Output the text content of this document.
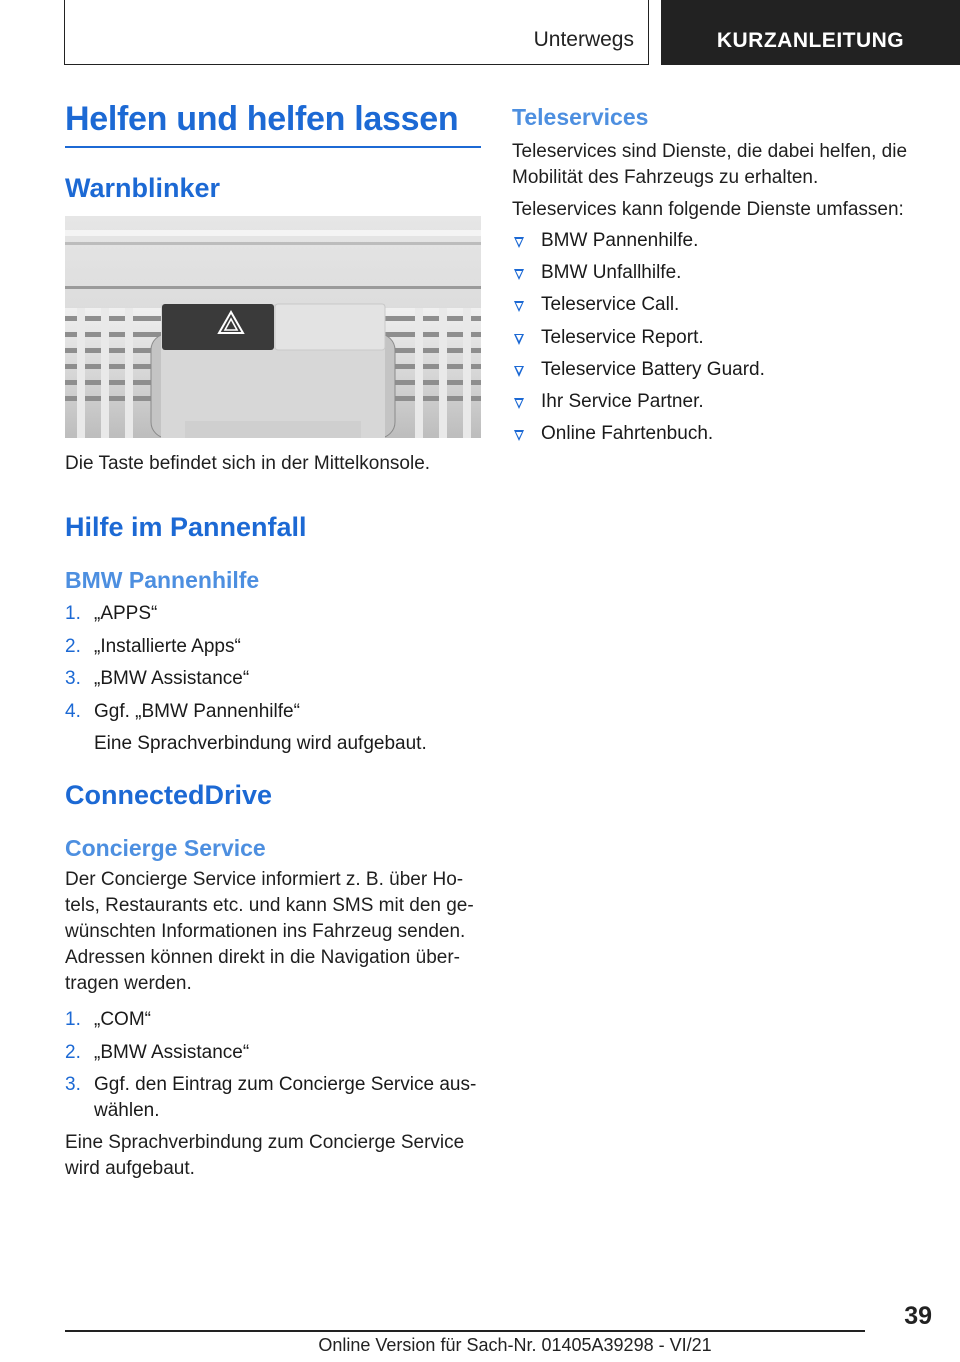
Unterwegs	KURZANLEITUNG
Helfen und helfen lassen
Warnblinker
Die Taste befindet sich in der Mittelkonsole.
Hilfe im Pannenfall
BMW Pannenhilfe
1. „APPS“
2. „Installierte Apps“
3. „BMW Assistance“
4. Ggf. „BMW Pannenhilfe“
Eine Sprachverbindung wird aufgebaut.
ConnectedDrive
Concierge Service
Der Concierge Service informiert z. B. über Ho‐
tels, Restaurants etc. und kann SMS mit den ge‐
wünschten Informationen ins Fahrzeug senden.
Adressen können direkt in die Navigation über‐
tragen werden.
1. „COM“
2. „BMW Assistance“
3. Ggf. den Eintrag zum Concierge Service aus‐wählen.
Eine Sprachverbindung zum Concierge Service
wird aufgebaut.
Teleservices
Teleservices sind Dienste, die dabei helfen, die
Mobilität des Fahrzeugs zu erhalten.
Teleservices kann folgende Dienste umfassen:
BMW Pannenhilfe.
BMW Unfallhilfe.
Teleservice Call.
Teleservice Report.
Teleservice Battery Guard.
Ihr Service Partner.
Online Fahrtenbuch.
39
Online Version für Sach-Nr. 01405A39298 - VI/21
